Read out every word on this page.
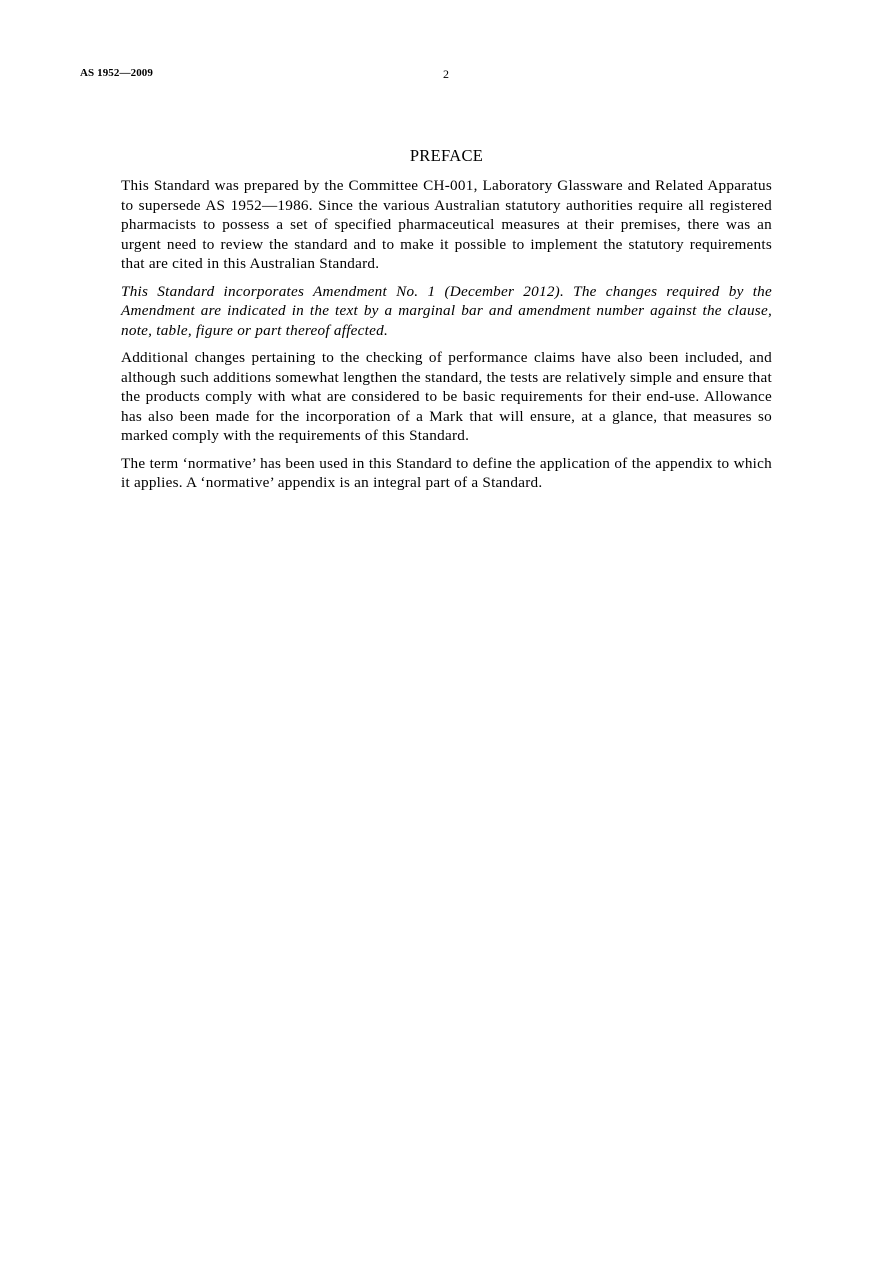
AS 1952—2009	2
PREFACE

This Standard was prepared by the Committee CH-001, Laboratory Glassware and Related Apparatus to supersede AS 1952—1986. Since the various Australian statutory authorities require all registered pharmacists to possess a set of specified pharmaceutical measures at their premises, there was an urgent need to review the standard and to make it possible to implement the statutory requirements that are cited in this Australian Standard.

This Standard incorporates Amendment No. 1 (December 2012). The changes required by the Amendment are indicated in the text by a marginal bar and amendment number against the clause, note, table, figure or part thereof affected.

Additional changes pertaining to the checking of performance claims have also been included, and although such additions somewhat lengthen the standard, the tests are relatively simple and ensure that the products comply with what are considered to be basic requirements for their end-use. Allowance has also been made for the incorporation of a Mark that will ensure, at a glance, that measures so marked comply with the requirements of this Standard.

The term ‘normative’ has been used in this Standard to define the application of the appendix to which it applies. A ‘normative’ appendix is an integral part of a Standard.
